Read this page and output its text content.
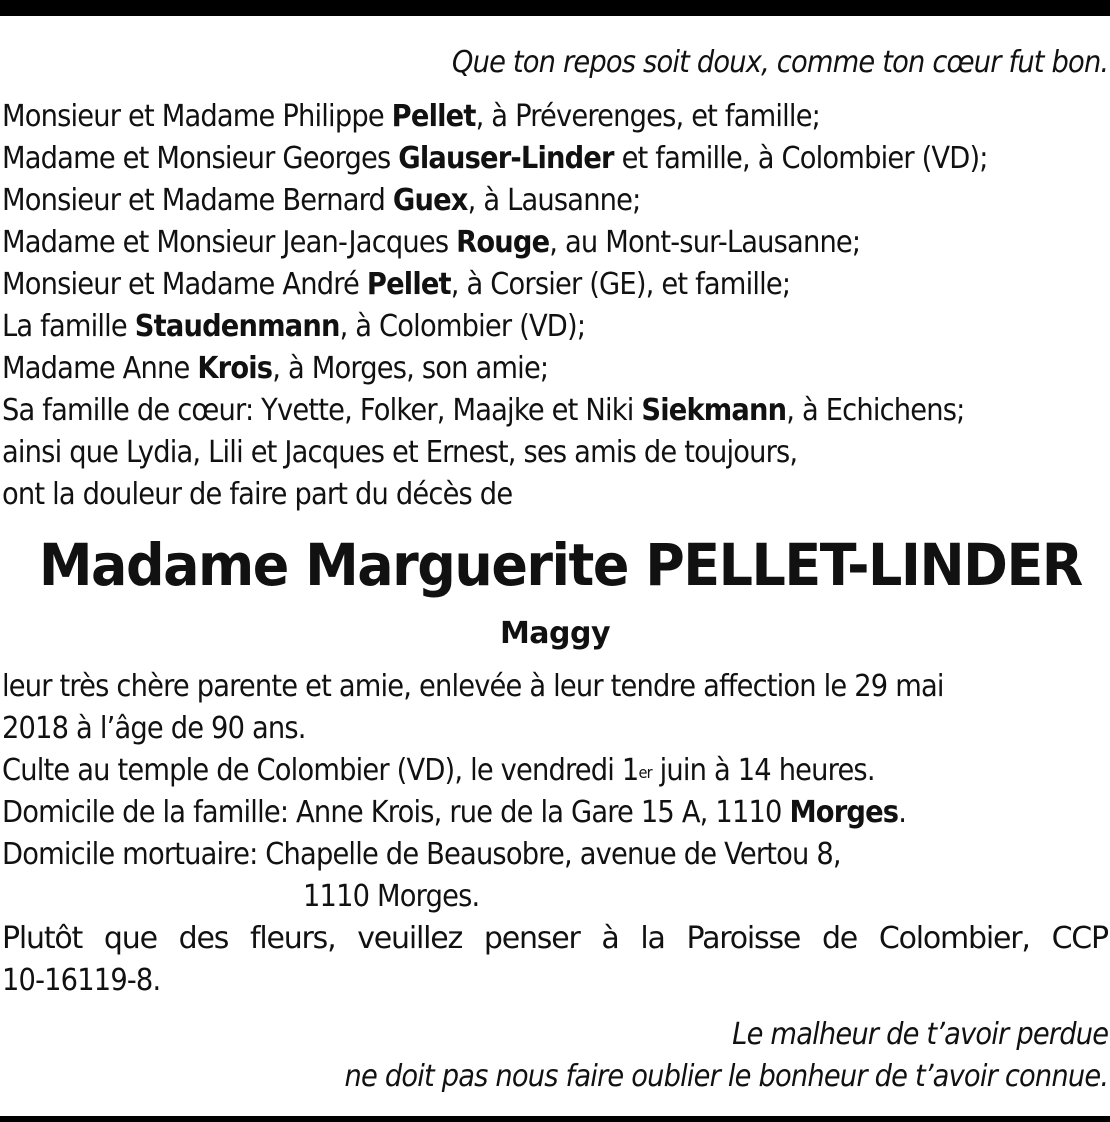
Que ton repos soit doux, comme ton cœur fut bon.
Monsieur et Madame Philippe Pellet, à Préverenges, et famille;
Madame et Monsieur Georges Glauser-Linder et famille, à Colombier (VD);
Monsieur et Madame Bernard Guex, à Lausanne;
Madame et Monsieur Jean-Jacques Rouge, au Mont-sur-Lausanne;
Monsieur et Madame André Pellet, à Corsier (GE), et famille;
La famille Staudenmann, à Colombier (VD);
Madame Anne Krois, à Morges, son amie;
Sa famille de cœur: Yvette, Folker, Maajke et Niki Siekmann, à Echichens;
ainsi que Lydia, Lili et Jacques et Ernest, ses amis de toujours,
ont la douleur de faire part du décès de
Madame Marguerite PELLET-LINDER
Maggy
leur très chère parente et amie, enlevée à leur tendre affection le 29 mai
2018 à l’âge de 90 ans.
Culte au temple de Colombier (VD), le vendredi 1er juin à 14 heures.
Domicile de la famille: Anne Krois, rue de la Gare 15 A, 1110 Morges.
Domicile mortuaire: Chapelle de Beausobre, avenue de Vertou 8,
1110 Morges.
Plutôt que des fleurs, veuillez penser à la Paroisse de Colombier, CCP
10-16119-8.
Le malheur de t’avoir perdue
ne doit pas nous faire oublier le bonheur de t’avoir connue.
